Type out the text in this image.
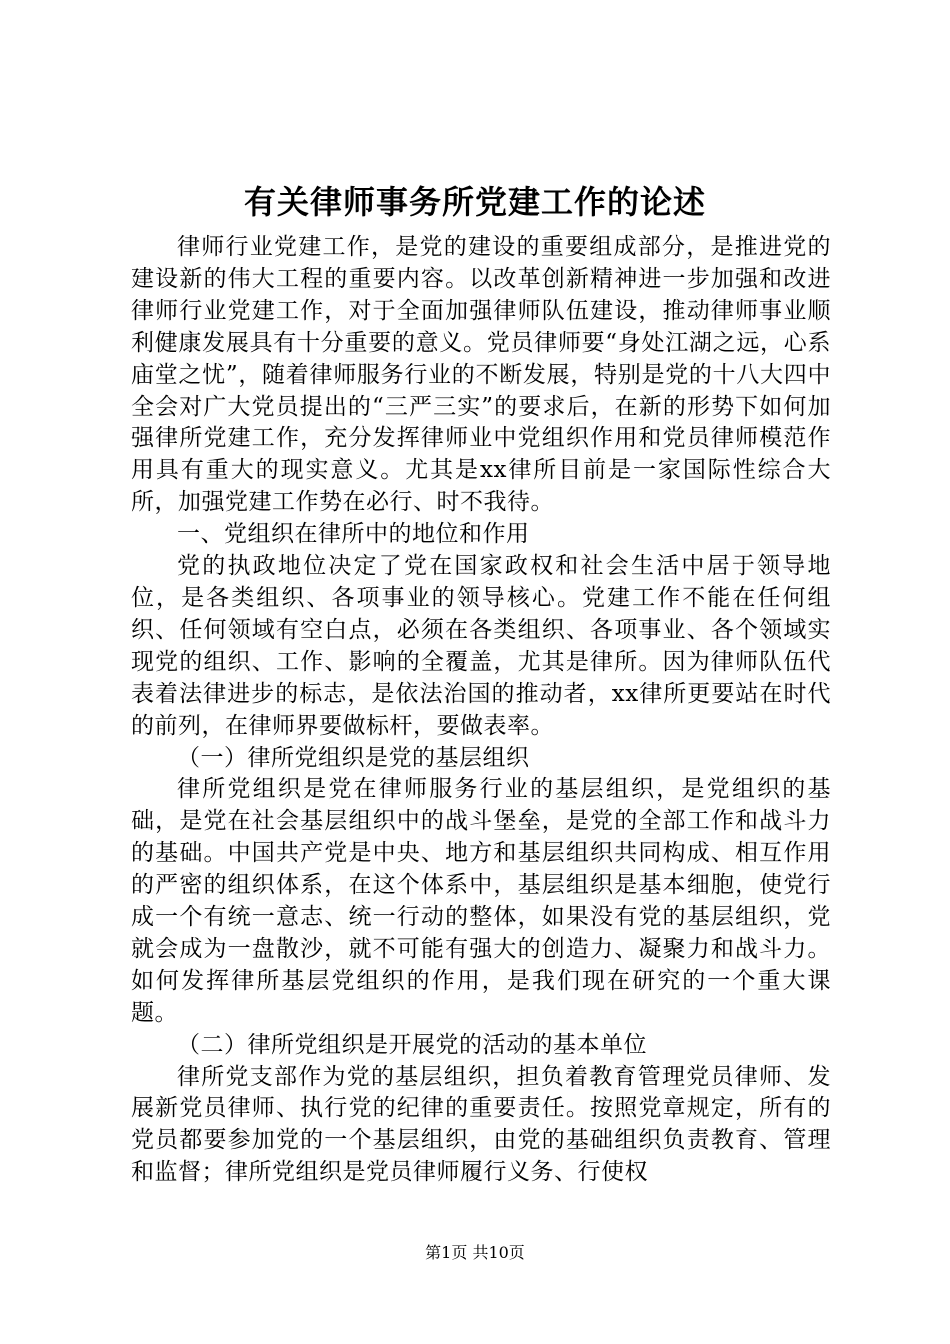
有关律师事务所党建工作的论述

律师行业党建工作，是党的建设的重要组成部分，是推进党的建设新的伟大工程的重要内容。以改革创新精神进一步加强和改进律师行业党建工作，对于全面加强律师队伍建设，推动律师事业顺利健康发展具有十分重要的意义。党员律师要“身处江湖之远，心系庙堂之忧”，随着律师服务行业的不断发展，特别是党的十八大四中全会对广大党员提出的“三严三实”的要求后，在新的形势下如何加强律所党建工作，充分发挥律师业中党组织作用和党员律师模范作用具有重大的现实意义。尤其是xx律所目前是一家国际性综合大所，加强党建工作势在必行、时不我待。

一、党组织在律所中的地位和作用

党的执政地位决定了党在国家政权和社会生活中居于领导地位，是各类组织、各项事业的领导核心。党建工作不能在任何组织、任何领域有空白点，必须在各类组织、各项事业、各个领域实现党的组织、工作、影响的全覆盖，尤其是律所。因为律师队伍代表着法律进步的标志，是依法治国的推动者，xx律所更要站在时代的前列，在律师界要做标杆，要做表率。

（一）律所党组织是党的基层组织

律所党组织是党在律师服务行业的基层组织，是党组织的基础，是党在社会基层组织中的战斗堡垒，是党的全部工作和战斗力的基础。中国共产党是中央、地方和基层组织共同构成、相互作用的严密的组织体系，在这个体系中，基层组织是基本细胞，使党行成一个有统一意志、统一行动的整体，如果没有党的基层组织，党就会成为一盘散沙，就不可能有强大的创造力、凝聚力和战斗力。如何发挥律所基层党组织的作用，是我们现在研究的一个重大课题。

（二）律所党组织是开展党的活动的基本单位

律所党支部作为党的基层组织，担负着教育管理党员律师、发展新党员律师、执行党的纪律的重要责任。按照党章规定，所有的党员都要参加党的一个基层组织，由党的基础组织负责教育、管理和监督；律所党组织是党员律师履行义务、行使权

第1页 共10页
